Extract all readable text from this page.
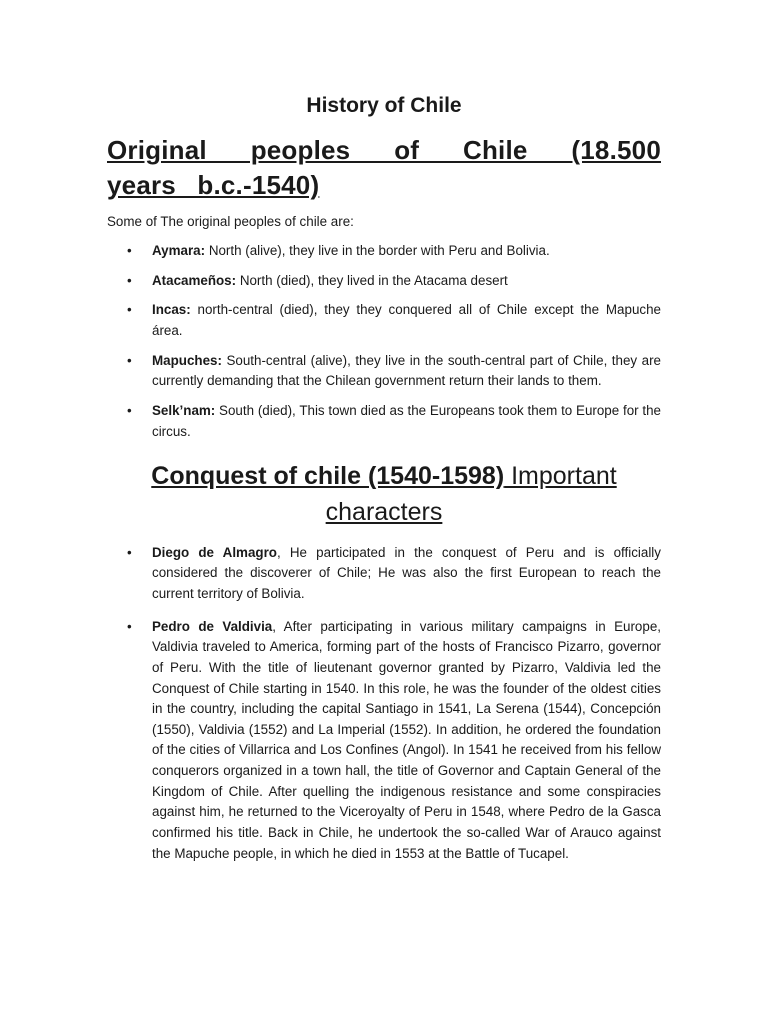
History of Chile
Original peoples of Chile (18.500 years b.c.-1540)

Some of The original peoples of chile are:

• Aymara: North (alive), they live in the border with Peru and Bolivia.
• Atacameños: North (died), they lived in the Atacama desert
• Incas: north-central (died), they they conquered all of Chile except the Mapuche área.
• Mapuches: South-central (alive), they live in the south-central part of Chile, they are currently demanding that the Chilean government return their lands to them.
• Selk’nam: South (died), This town died as the Europeans took them to Europe for the circus.
Conquest of chile (1540-1598) Important characters
• Diego de Almagro, He participated in the conquest of Peru and is officially considered the discoverer of Chile; He was also the first European to reach the current territory of Bolivia.
• Pedro de Valdivia, After participating in various military campaigns in Europe, Valdivia traveled to America, forming part of the hosts of Francisco Pizarro, governor of Peru. With the title of lieutenant governor granted by Pizarro, Valdivia led the Conquest of Chile starting in 1540. In this role, he was the founder of the oldest cities in the country, including the capital Santiago in 1541, La Serena (1544), Concepción (1550), Valdivia (1552) and La Imperial (1552). In addition, he ordered the foundation of the cities of Villarrica and Los Confines (Angol). In 1541 he received from his fellow conquerors organized in a town hall, the title of Governor and Captain General of the Kingdom of Chile. After quelling the indigenous resistance and some conspiracies against him, he returned to the Viceroyalty of Peru in 1548, where Pedro de la Gasca confirmed his title. Back in Chile, he undertook the so-called War of Arauco against the Mapuche people, in which he died in 1553 at the Battle of Tucapel.
